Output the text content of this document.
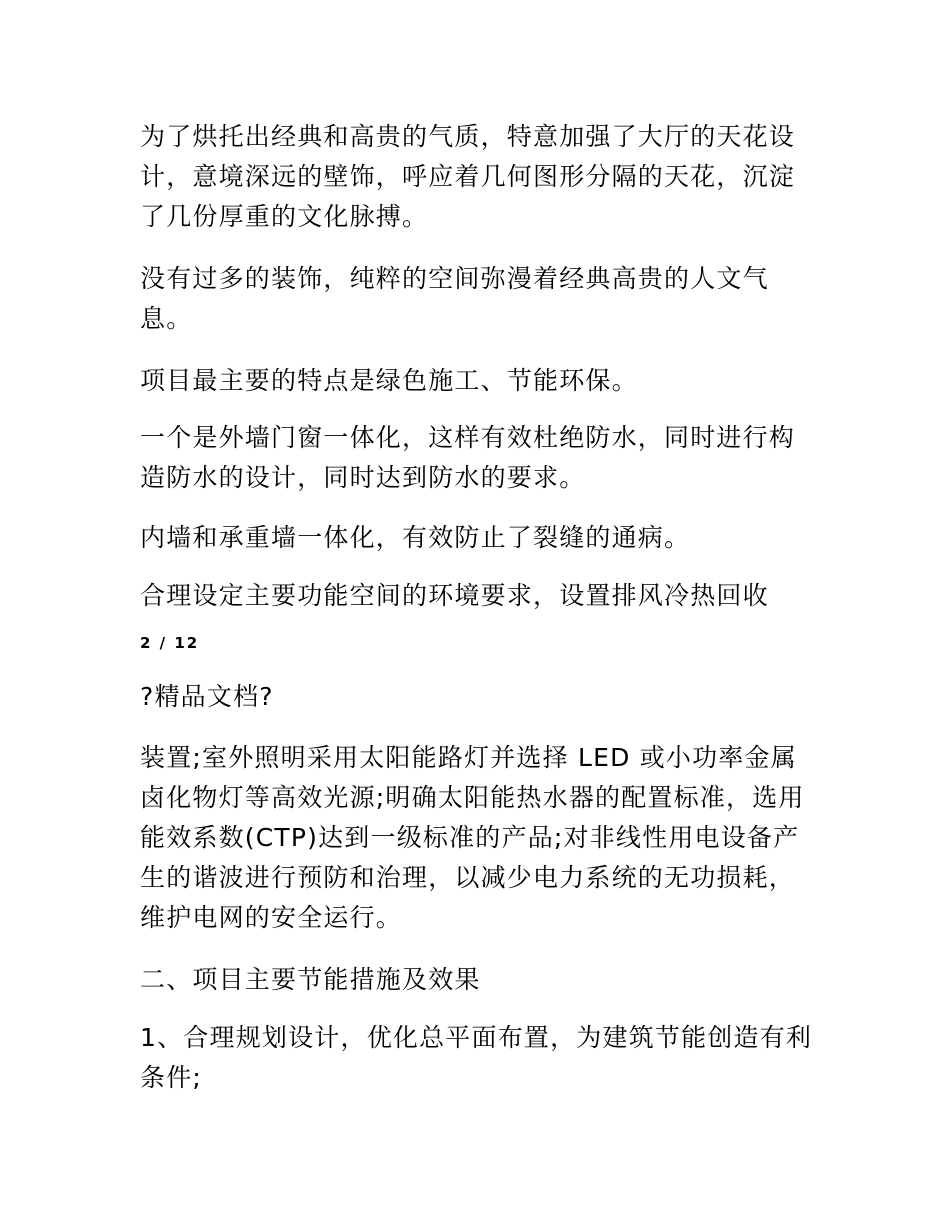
为了烘托出经典和高贵的气质，特意加强了大厅的天花设计，意境深远的壁饰，呼应着几何图形分隔的天花，沉淀了几份厚重的文化脉搏。

没有过多的装饰，纯粹的空间弥漫着经典高贵的人文气息。

项目最主要的特点是绿色施工、节能环保。

一个是外墙门窗一体化，这样有效杜绝防水，同时进行构造防水的设计，同时达到防水的要求。

内墙和承重墙一体化，有效防止了裂缝的通病。

合理设定主要功能空间的环境要求，设置排风冷热回收

2 / 12

?精品文档?

装置;室外照明采用太阳能路灯并选择 LED 或小功率金属卤化物灯等高效光源;明确太阳能热水器的配置标准，选用能效系数(CTP)达到一级标准的产品;对非线性用电设备产生的谐波进行预防和治理，以减少电力系统的无功损耗，维护电网的安全运行。

二、项目主要节能措施及效果

1、合理规划设计，优化总平面布置，为建筑节能创造有利条件;
